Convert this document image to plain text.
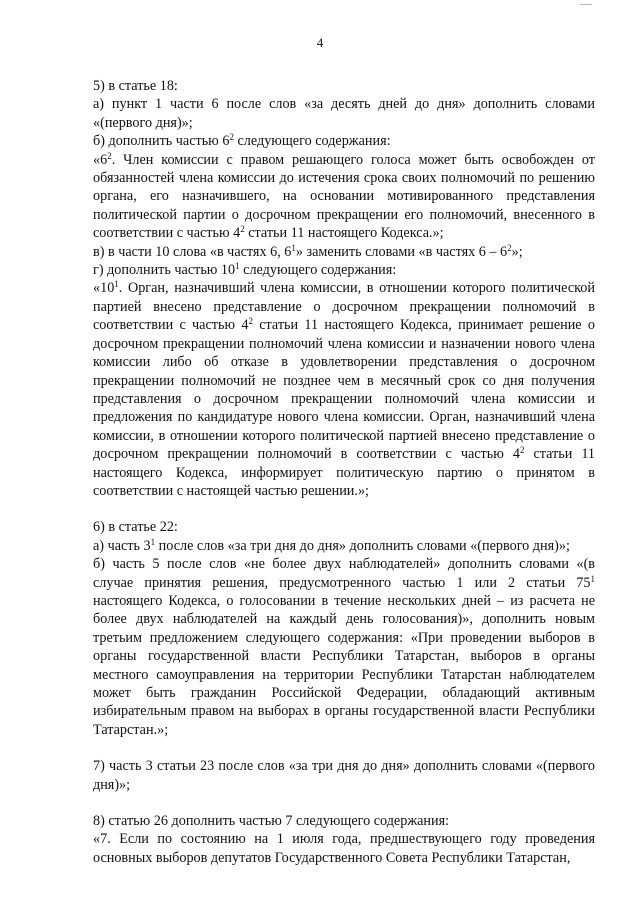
—
4

5) в статье 18:

а) пункт 1 части 6 после слов «за десять дней до дня» дополнить словами «(первого дня)»;

б) дополнить частью $6^2$ следующего содержания:

«$6^2$. Член комиссии с правом решающего голоса может быть освобожден от обязанностей члена комиссии до истечения срока своих полномочий по решению органа, его назначившего, на основании мотивированного представления политической партии о досрочном прекращении его полномочий, внесенного в соответствии с частью $4^2$ статьи 11 настоящего Кодекса.»;

в) в части 10 слова «в частях 6, $6^1$» заменить словами «в частях $6 - 6^2$»;

г) дополнить частью $10^1$ следующего содержания:

«$10^1$. Орган, назначивший члена комиссии, в отношении которого политической партией внесено представление о досрочном прекращении полномочий в соответствии с частью $4^2$ статьи 11 настоящего Кодекса, принимает решение о досрочном прекращении полномочий члена комиссии и назначении нового члена комиссии либо об отказе в удовлетворении представления о досрочном прекращении полномочий не позднее чем в месячный срок со дня получения представления о досрочном прекращении полномочий члена комиссии и предложения по кандидатуре нового члена комиссии. Орган, назначивший члена комиссии, в отношении которого политической партией внесено представление о досрочном прекращении полномочий в соответствии с частью $4^2$ статьи 11 настоящего Кодекса, информирует политическую партию о принятом в соответствии с настоящей частью решении.»;

6) в статье 22:

а) часть $3^1$ после слов «за три дня до дня» дополнить словами «(первого дня)»;

б) часть 5 после слов «не более двух наблюдателей» дополнить словами «(в случае принятия решения, предусмотренного частью 1 или 2 статьи $75^1$ настоящего Кодекса, о голосовании в течение нескольких дней – из расчета не более двух наблюдателей на каждый день голосования)», дополнить новым третьим предложением следующего содержания: «При проведении выборов в органы государственной власти Республики Татарстан, выборов в органы местного самоуправления на территории Республики Татарстан наблюдателем может быть гражданин Российской Федерации, обладающий активным избирательным правом на выборах в органы государственной власти Республики Татарстан.»;

7) часть 3 статьи 23 после слов «за три дня до дня» дополнить словами «(первого дня)»;

8) статью 26 дополнить частью 7 следующего содержания:

«7. Если по состоянию на 1 июля года, предшествующего году проведения основных выборов депутатов Государственного Совета Республики Татарстан,
